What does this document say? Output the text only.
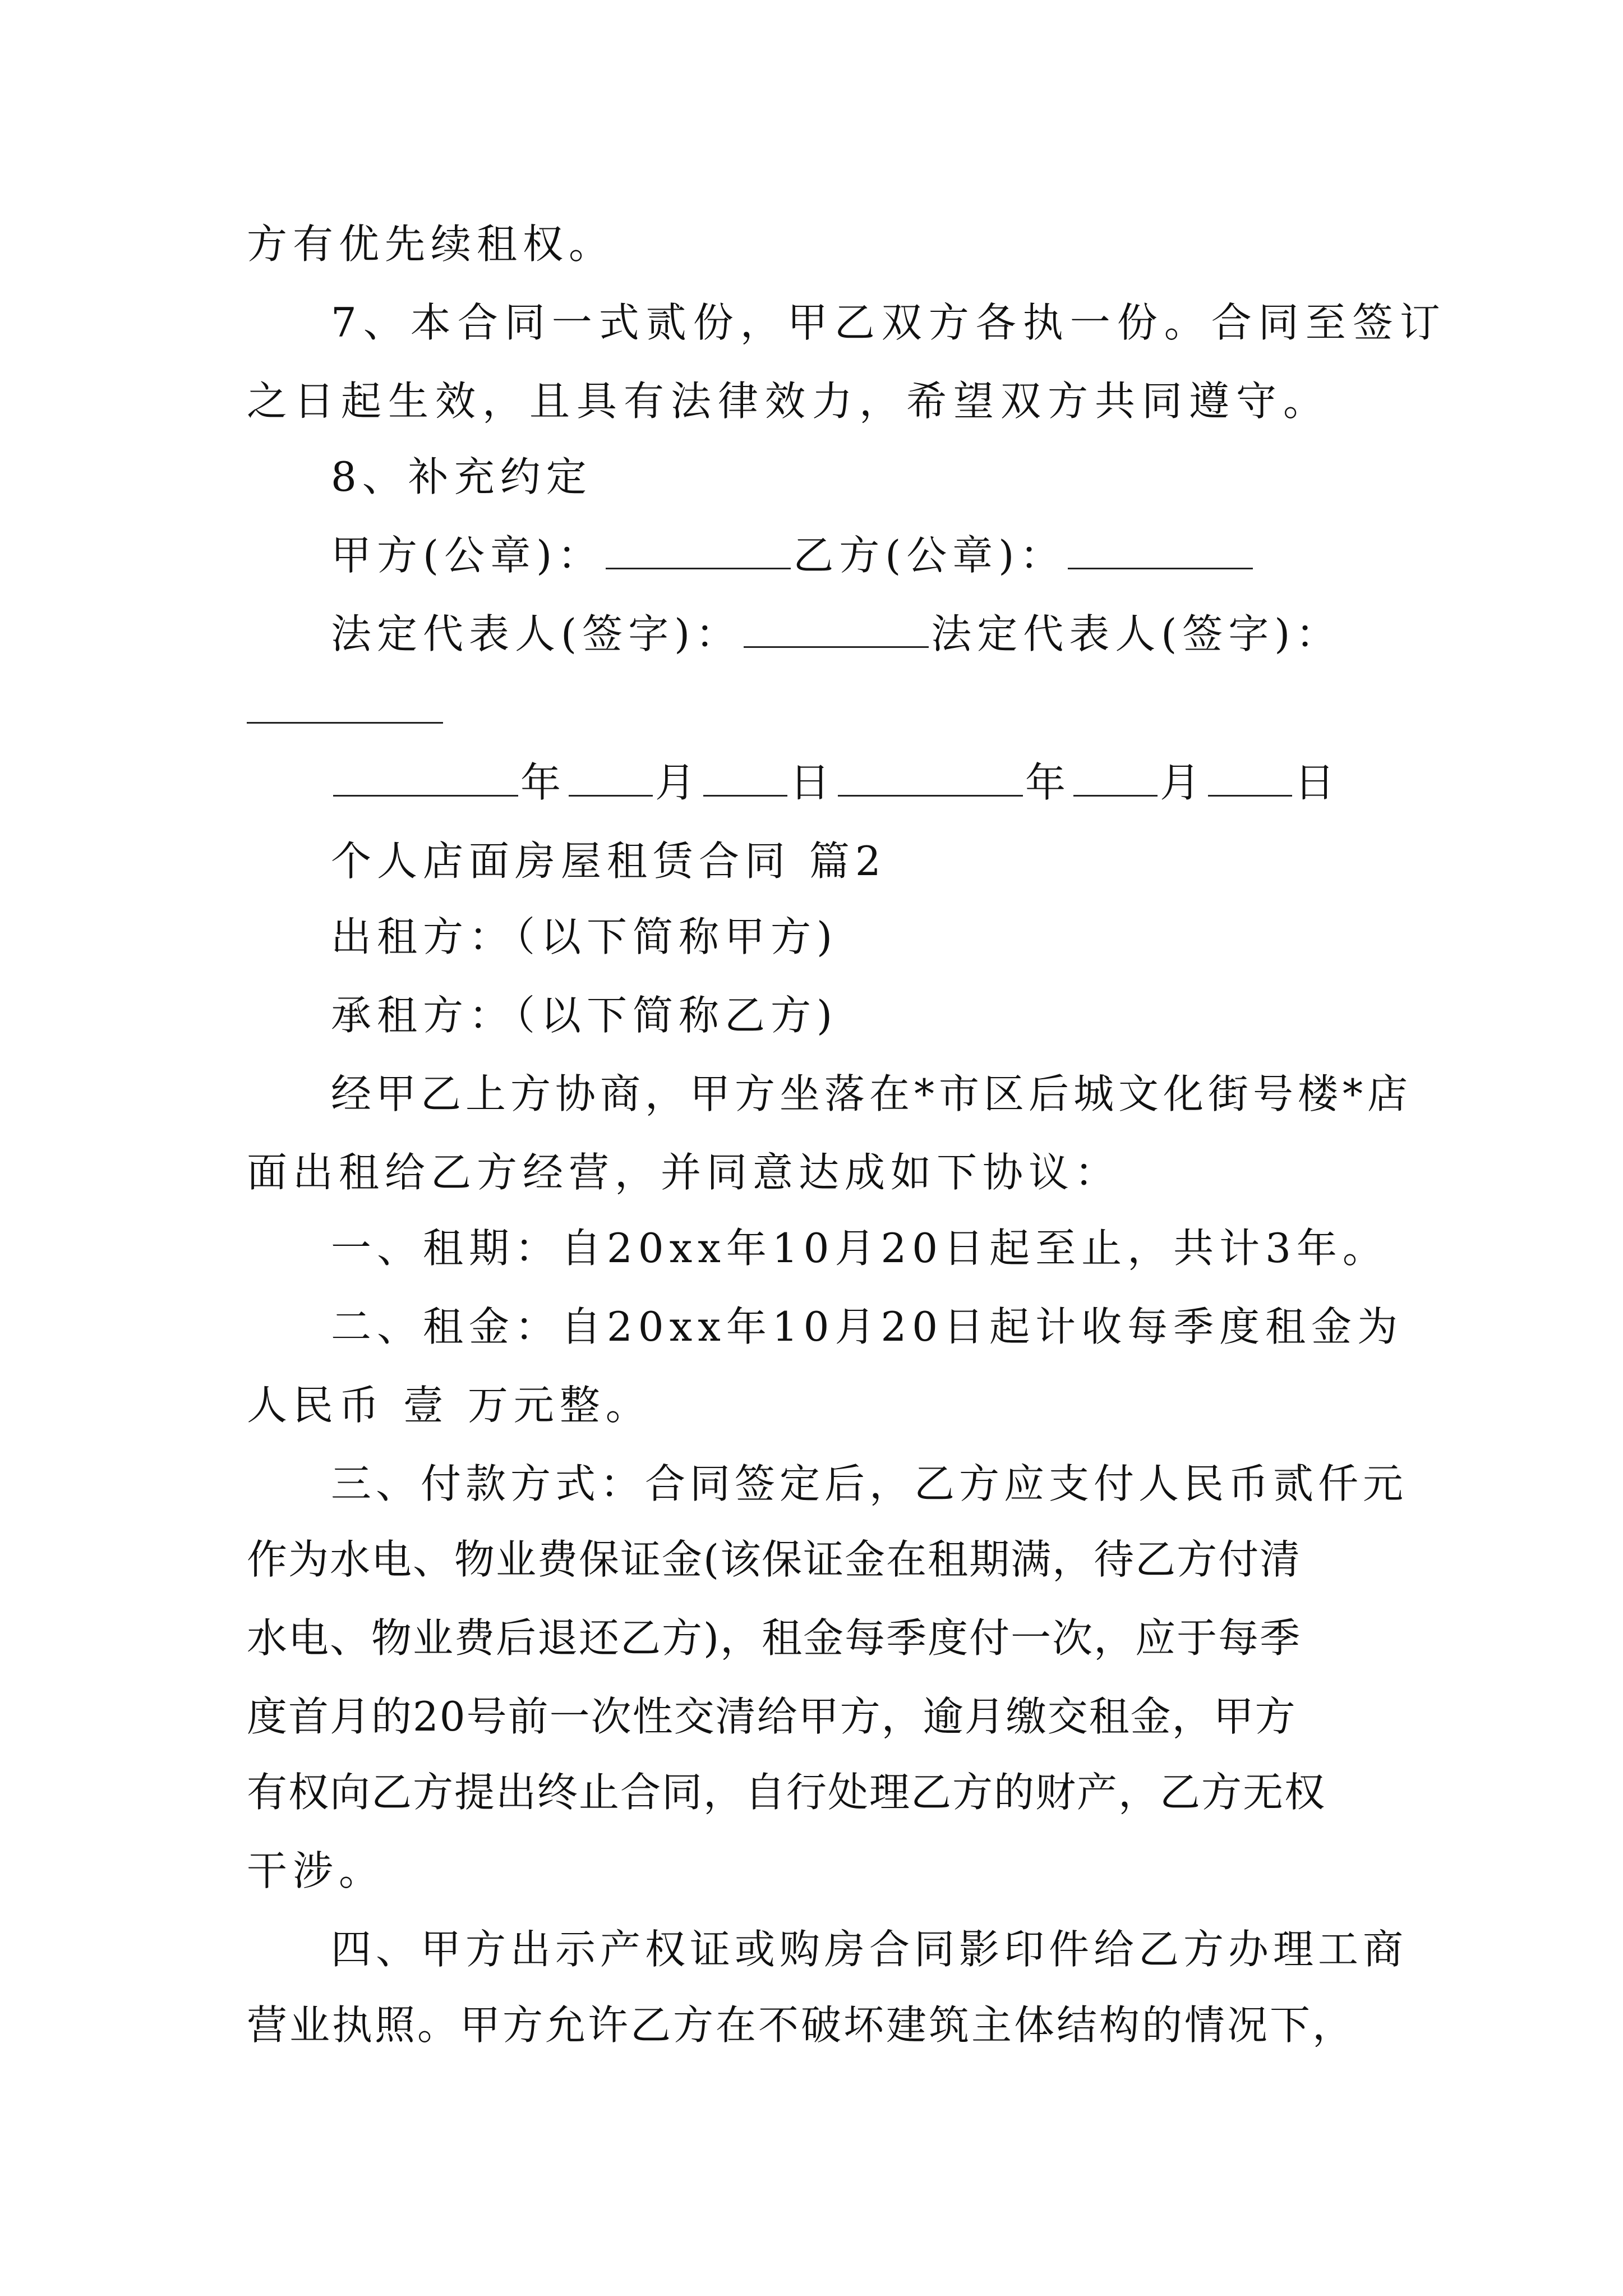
方有优先续租权。
7、本合同一式贰份，甲乙双方各执一份。合同至签订
之日起生效，且具有法律效力，希望双方共同遵守。
8、补充约定
甲方(公章)：	乙方(公章)：
法定代表人(签字)：	法定代表人(签字)：
年 月 日	年 月 日
个人店面房屋租赁合同 篇2
出租方：（以下简称甲方)
承租方：（以下简称乙方)
经甲乙上方协商，甲方坐落在*市区后城文化街号楼*店
面出租给乙方经营，并同意达成如下协议：
一、租期：自20xx年10月20日起至止，共计3年。
二、租金：自20xx年10月20日起计收每季度租金为
人民币 壹 万元整。
三、付款方式：合同签定后，乙方应支付人民币贰仟元
作为水电、物业费保证金(该保证金在租期满，待乙方付清
水电、物业费后退还乙方)，租金每季度付一次，应于每季
度首月的20号前一次性交清给甲方，逾月缴交租金，甲方
有权向乙方提出终止合同，自行处理乙方的财产，乙方无权
干涉。
四、甲方出示产权证或购房合同影印件给乙方办理工商
营业执照。甲方允许乙方在不破坏建筑主体结构的情况下，
